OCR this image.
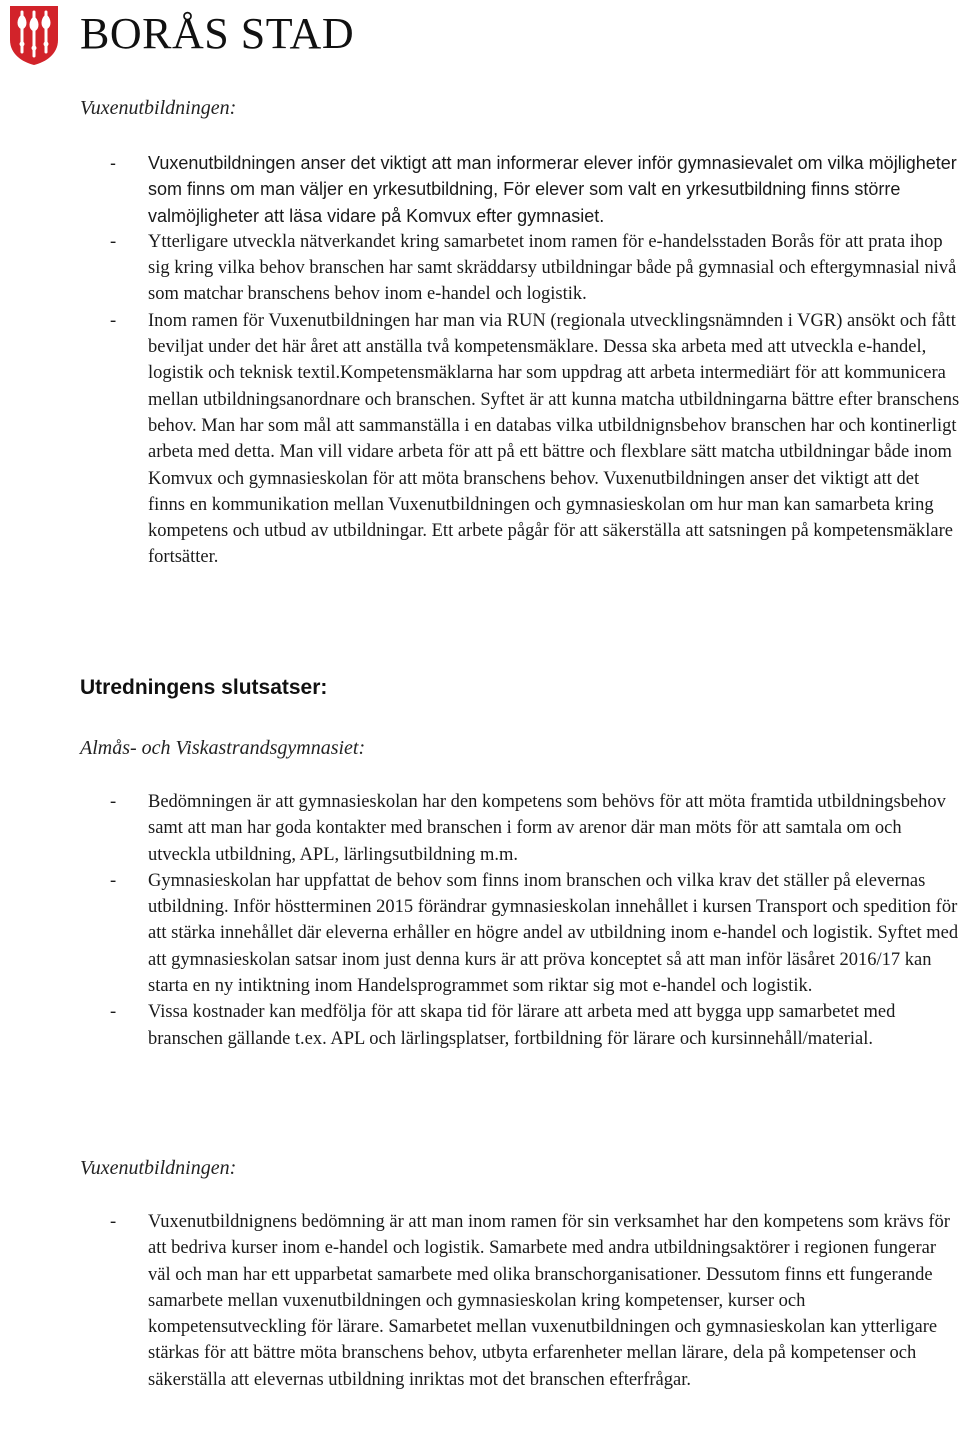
BORÅS STAD
Vuxenutbildningen:
- Vuxenutbildningen anser det viktigt att man informerar elever inför gymnasievalet om vilka möjligheter som finns om man väljer en yrkesutbildning, För elever som valt en yrkesutbildning finns större valmöjligheter att läsa vidare på Komvux efter gymnasiet.
- Ytterligare utveckla nätverkandet kring samarbetet inom ramen för e-handelsstaden Borås för att prata ihop sig kring vilka behov branschen har samt skräddarsy utbildningar både på gymnasial och eftergymnasial nivå som matchar branschens behov inom e-handel och logistik.
- Inom ramen för Vuxenutbildningen har man via RUN (regionala utvecklingsnämnden i VGR) ansökt och fått beviljat under det här året att anställa två kompetensmäklare. Dessa ska arbeta med att utveckla e-handel, logistik och teknisk textil.Kompetensmäklarna har som uppdrag att arbeta intermediärt för att kommunicera mellan utbildningsanordnare och branschen. Syftet är att kunna matcha utbildningarna bättre efter branschens behov. Man har som mål att sammanställa i en databas vilka utbildnignsbehov branschen har och kontinerligt arbeta med detta. Man vill vidare arbeta för att på ett bättre och flexblare sätt matcha utbildningar både inom Komvux och gymnasieskolan för att möta branschens behov. Vuxenutbildningen anser det viktigt att det finns en kommunikation mellan Vuxenutbildningen och gymnasieskolan om hur man kan samarbeta kring kompetens och utbud av utbildningar. Ett arbete pågår för att säkerställa att satsningen på kompetensmäklare fortsätter.
Utredningens slutsatser:
Almås- och Viskastrandsgymnasiet:
- Bedömningen är att gymnasieskolan har den kompetens som behövs för att möta framtida utbildningsbehov samt att man har goda kontakter med branschen i form av arenor där man möts för att samtala om och utveckla utbildning, APL, lärlingsutbildning m.m.
- Gymnasieskolan har uppfattat de behov som finns inom branschen och vilka krav det ställer på elevernas utbildning. Inför höstterminen 2015 förändrar gymnasieskolan innehållet i kursen Transport och spedition för att stärka innehållet där eleverna erhåller en högre andel av utbildning inom e-handel och logistik. Syftet med att gymnasieskolan satsar inom just denna kurs är att pröva konceptet så att man inför läsåret 2016/17 kan starta en ny intiktning inom Handelsprogrammet som riktar sig mot e-handel och logistik.
- Vissa kostnader kan medfölja för att skapa tid för lärare att arbeta med att bygga upp samarbetet med branschen gällande t.ex. APL och lärlingsplatser, fortbildning för lärare och kursinnehåll/material.
Vuxenutbildningen:
- Vuxenutbildnignens bedömning är att man inom ramen för sin verksamhet har den kompetens som krävs för att bedriva kurser inom e-handel och logistik. Samarbete med andra utbildningsaktörer i regionen fungerar väl och man har ett upparbetat samarbete med olika branschorganisationer. Dessutom finns ett fungerande samarbete mellan vuxenutbildningen och gymnasieskolan kring kompetenser, kurser och kompetensutveckling för lärare. Samarbetet mellan vuxenutbildningen och gymnasieskolan kan ytterligare stärkas för att bättre möta branschens behov, utbyta erfarenheter mellan lärare, dela på kompetenser och säkerställa att elevernas utbildning inriktas mot det branschen efterfrågar.
